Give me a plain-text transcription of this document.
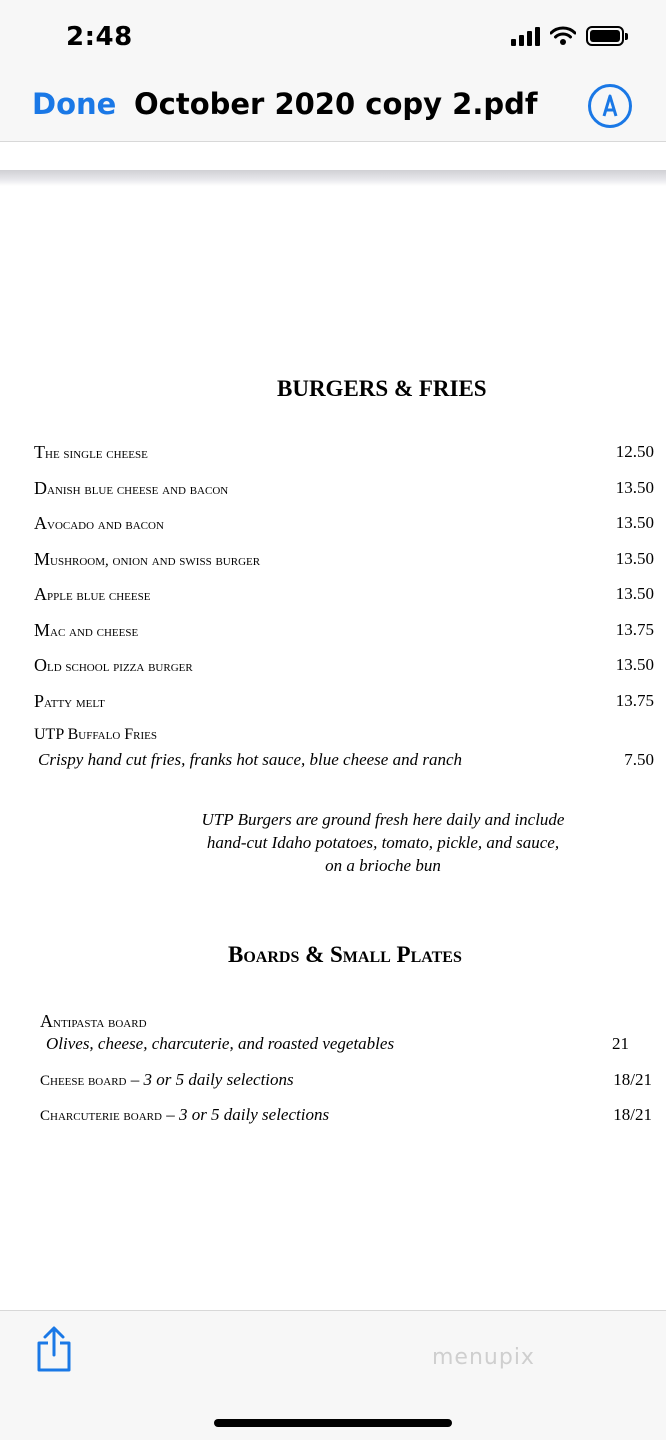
2:48
Done October 2020 copy 2.pdf
BURGERS & FRIES
The single cheese	12.50
Danish blue cheese and bacon	13.50
Avocado and bacon	13.50
Mushroom, onion and swiss burger	13.50
Apple blue cheese	13.50
Mac and cheese	13.75
Old school pizza burger	13.50
Patty melt	13.75
UTP Buffalo Fries
Crispy hand cut fries, franks hot sauce, blue cheese and ranch	7.50
UTP Burgers are ground fresh here daily and include
hand-cut Idaho potatoes, tomato, pickle, and sauce,
on a brioche bun
Boards & Small Plates
Antipasta board
Olives, cheese, charcuterie, and roasted vegetables	21
Cheese board – 3 or 5 daily selections	18/21
Charcuterie board – 3 or 5 daily selections	18/21
menupix
